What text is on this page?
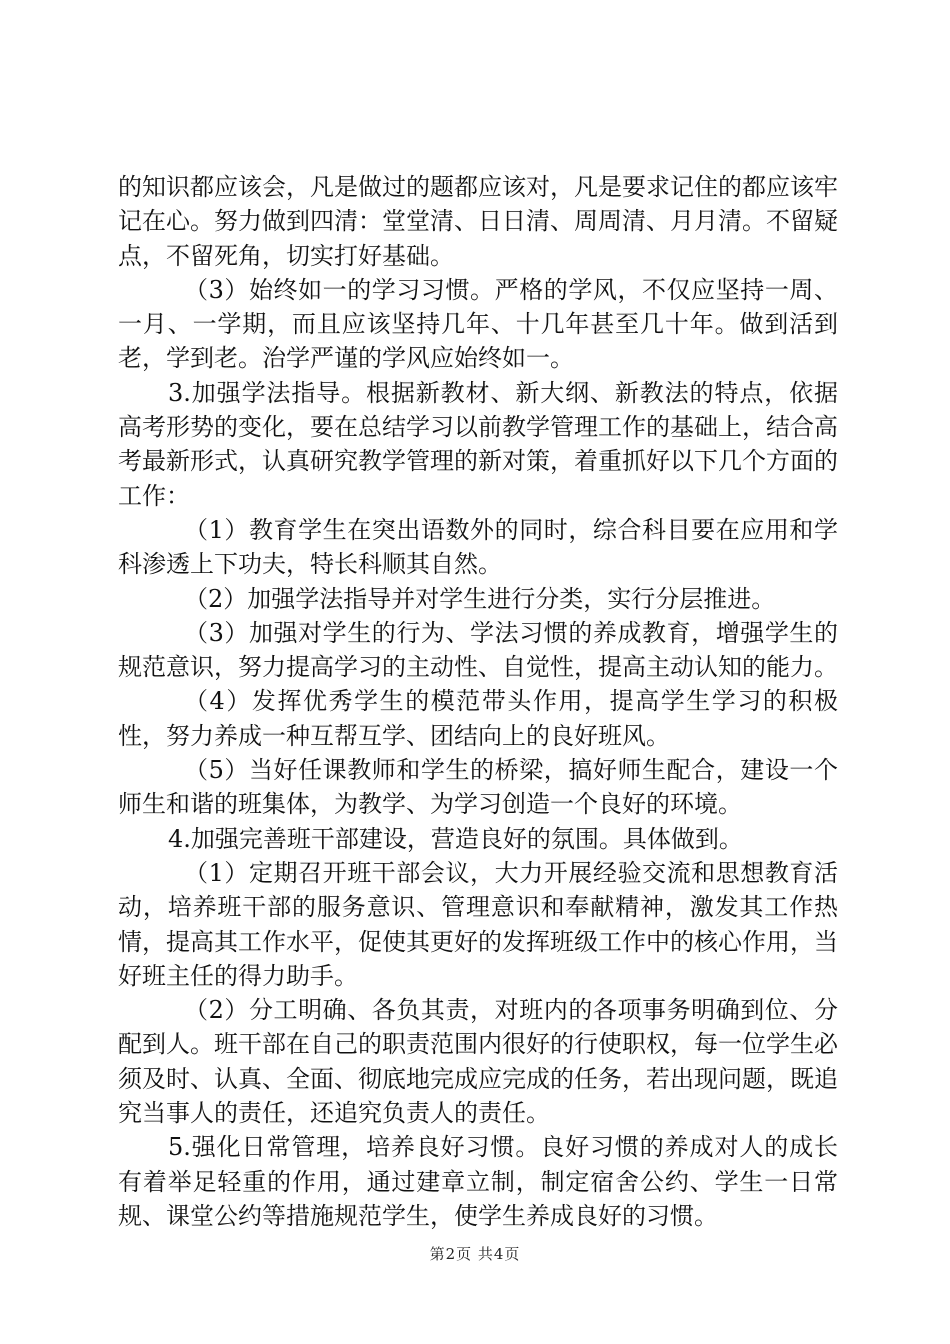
的知识都应该会，凡是做过的题都应该对，凡是要求记住的都应该牢记在心。努力做到四清：堂堂清、日日清、周周清、月月清。不留疑点，不留死角，切实打好基础。

（3）始终如一的学习习惯。严格的学风，不仅应坚持一周、一月、一学期，而且应该坚持几年、十几年甚至几十年。做到活到老，学到老。治学严谨的学风应始终如一。

3.加强学法指导。根据新教材、新大纲、新教法的特点，依据高考形势的变化，要在总结学习以前教学管理工作的基础上，结合高考最新形式，认真研究教学管理的新对策，着重抓好以下几个方面的工作：

（1）教育学生在突出语数外的同时，综合科目要在应用和学科渗透上下功夫，特长科顺其自然。

（2）加强学法指导并对学生进行分类，实行分层推进。

（3）加强对学生的行为、学法习惯的养成教育，增强学生的规范意识，努力提高学习的主动性、自觉性，提高主动认知的能力。

（4）发挥优秀学生的模范带头作用，提高学生学习的积极性，努力养成一种互帮互学、团结向上的良好班风。

（5）当好任课教师和学生的桥梁，搞好师生配合，建设一个师生和谐的班集体，为教学、为学习创造一个良好的环境。

4.加强完善班干部建设，营造良好的氛围。具体做到。

（1）定期召开班干部会议，大力开展经验交流和思想教育活动，培养班干部的服务意识、管理意识和奉献精神，激发其工作热情，提高其工作水平，促使其更好的发挥班级工作中的核心作用，当好班主任的得力助手。

（2）分工明确、各负其责，对班内的各项事务明确到位、分配到人。班干部在自己的职责范围内很好的行使职权，每一位学生必须及时、认真、全面、彻底地完成应完成的任务，若出现问题，既追究当事人的责任，还追究负责人的责任。

5.强化日常管理，培养良好习惯。良好习惯的养成对人的成长有着举足轻重的作用，通过建章立制，制定宿舍公约、学生一日常规、课堂公约等措施规范学生，使学生养成良好的习惯。

第2页 共4页
